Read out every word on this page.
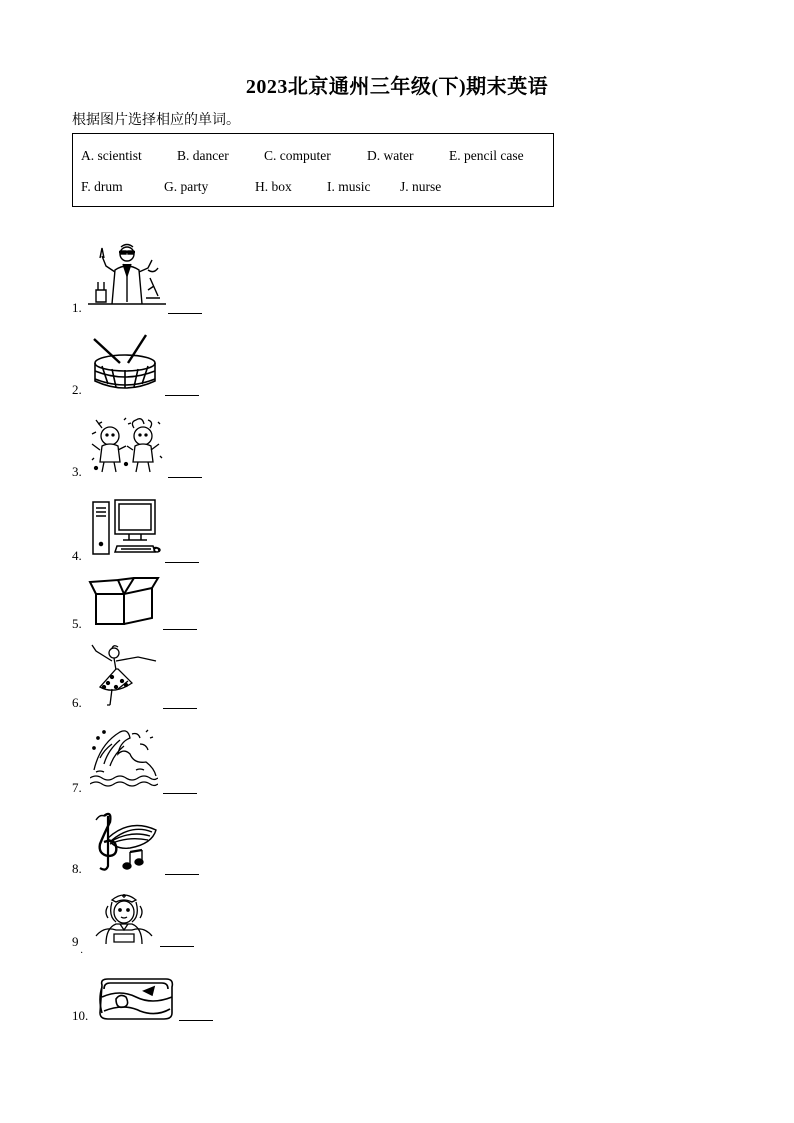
2023北京通州三年级(下)期末英语
根据图片选择相应的单词。
A. scientist	B. dancer	C. computer	D. water	E. pencil case
F. drum	G. party	H. box	I. music J. nurse
1.
2.
3.
4.
5.
6.
7.
8.
9
·
10.
